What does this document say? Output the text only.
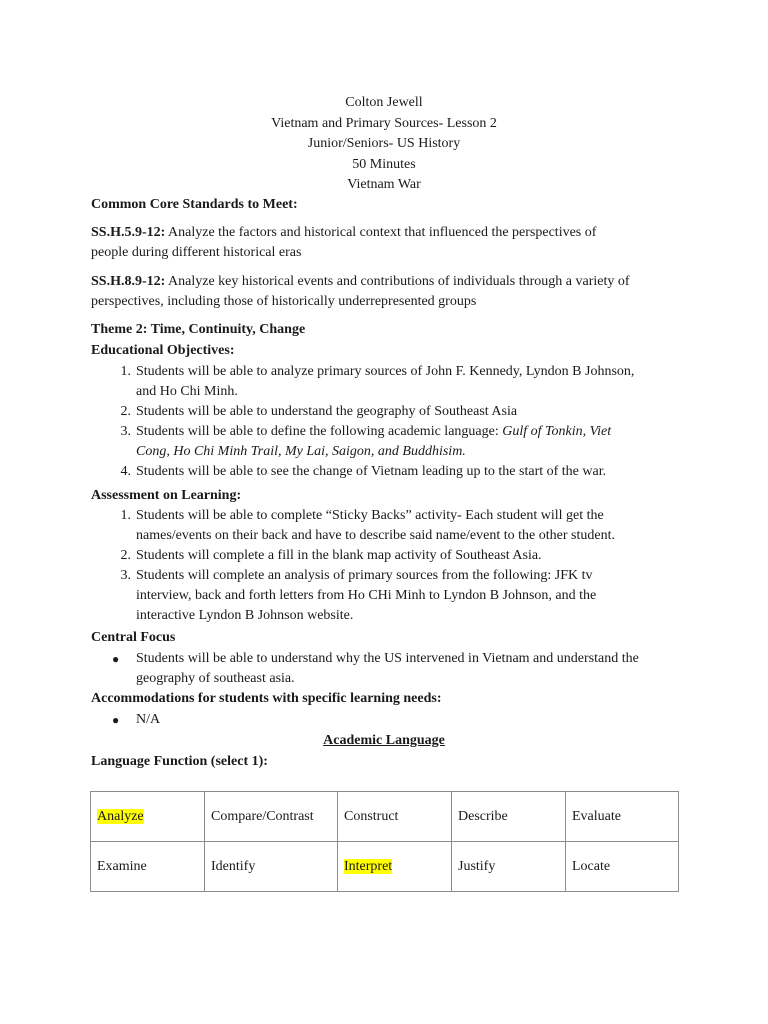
Colton Jewell
Vietnam and Primary Sources- Lesson 2
Junior/Seniors- US History
50 Minutes
Vietnam War
Common Core Standards to Meet:
SS.H.5.9-12: Analyze the factors and historical context that influenced the perspectives of
people during different historical eras
SS.H.8.9-12: Analyze key historical events and contributions of individuals through a variety of
perspectives, including those of historically underrepresented groups
Theme 2: Time, Continuity, Change
Educational Objectives:
1. Students will be able to analyze primary sources of John F. Kennedy, Lyndon B Johnson,
and Ho Chi Minh.
2. Students will be able to understand the geography of Southeast Asia
3. Students will be able to define the following academic language: Gulf of Tonkin, Viet
Cong, Ho Chi Minh Trail, My Lai, Saigon, and Buddhisim.
4. Students will be able to see the change of Vietnam leading up to the start of the war.
Assessment on Learning:
1. Students will be able to complete “Sticky Backs” activity- Each student will get the
names/events on their back and have to describe said name/event to the other student.
2. Students will complete a fill in the blank map activity of Southeast Asia.
3. Students will complete an analysis of primary sources from the following: JFK tv
interview, back and forth letters from Ho CHi Minh to Lyndon B Johnson, and the
interactive Lyndon B Johnson website.
Central Focus
● Students will be able to understand why the US intervened in Vietnam and understand the
geography of southeast asia.
Accommodations for students with specific learning needs:
● N/A
Academic Language
Language Function (select 1):
Analyze	Compare/Contrast	Construct	Describe	Evaluate
Examine	Identify	Interpret	Justify	Locate
